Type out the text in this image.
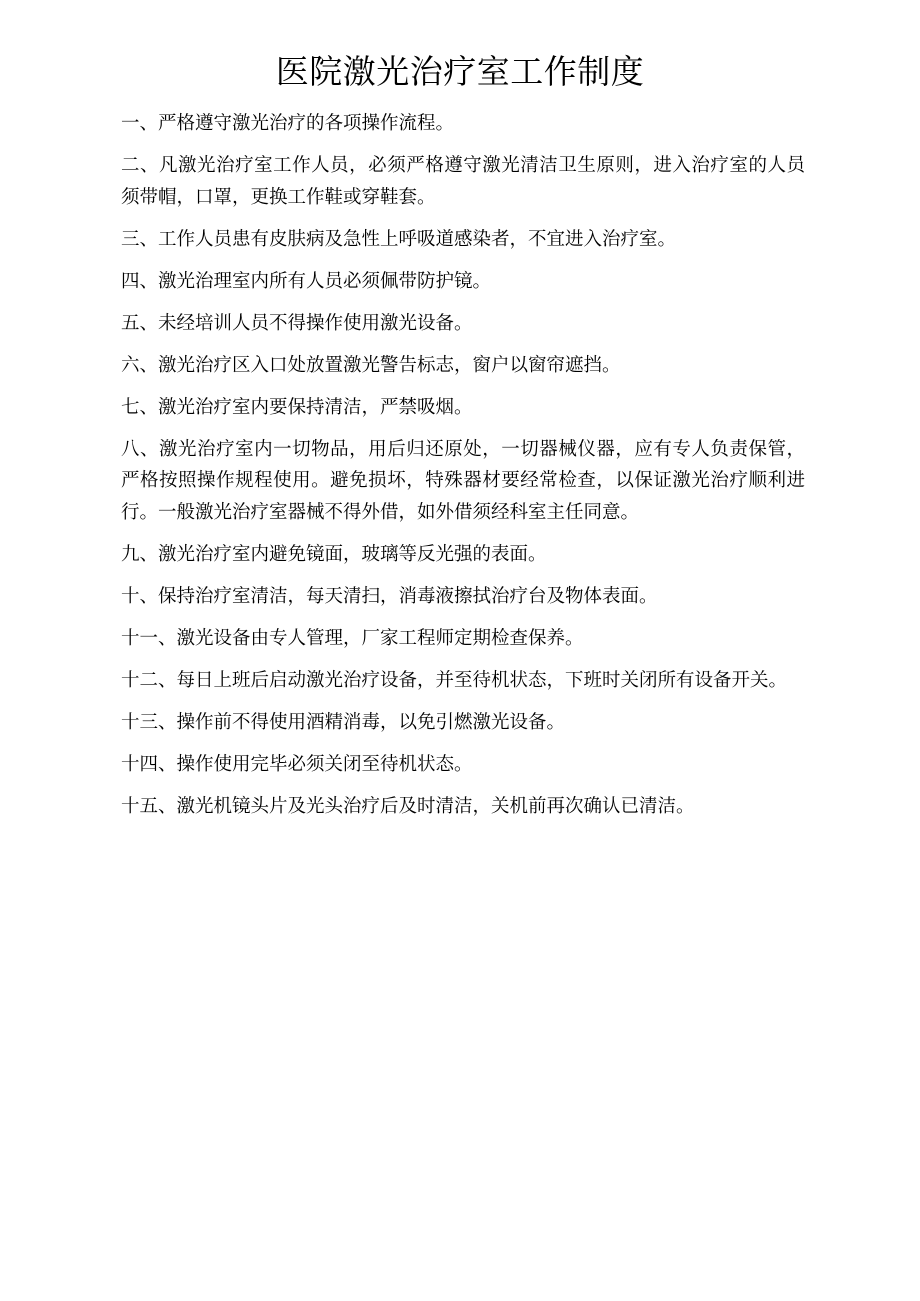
医院激光治疗室工作制度
一、严格遵守激光治疗的各项操作流程。
二、凡激光治疗室工作人员，必须严格遵守激光清洁卫生原则，进入治疗室的人员须带帽，口罩，更换工作鞋或穿鞋套。
三、工作人员患有皮肤病及急性上呼吸道感染者，不宜进入治疗室。
四、激光治理室内所有人员必须佩带防护镜。
五、未经培训人员不得操作使用激光设备。
六、激光治疗区入口处放置激光警告标志，窗户以窗帘遮挡。
七、激光治疗室内要保持清洁，严禁吸烟。
八、激光治疗室内一切物品，用后归还原处，一切器械仪器，应有专人负责保管，严格按照操作规程使用。避免损坏，特殊器材要经常检查，以保证激光治疗顺利进行。一般激光治疗室器械不得外借，如外借须经科室主任同意。
九、激光治疗室内避免镜面，玻璃等反光强的表面。
十、保持治疗室清洁，每天清扫，消毒液擦拭治疗台及物体表面。
十一、激光设备由专人管理，厂家工程师定期检查保养。
十二、每日上班后启动激光治疗设备，并至待机状态，下班时关闭所有设备开关。
十三、操作前不得使用酒精消毒，以免引燃激光设备。
十四、操作使用完毕必须关闭至待机状态。
十五、激光机镜头片及光头治疗后及时清洁，关机前再次确认已清洁。
